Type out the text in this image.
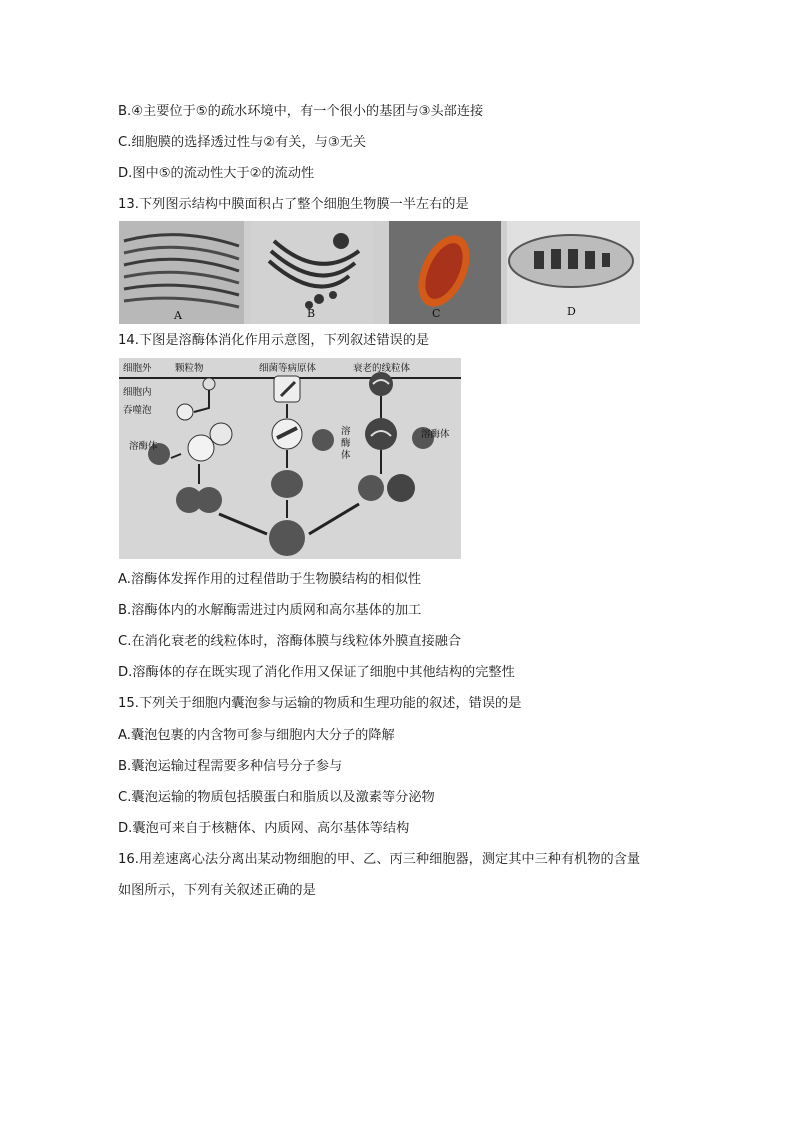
B.④主要位于⑤的疏水环境中，有一个很小的基团与③头部连接
C.细胞膜的选择透过性与②有关，与③无关
D.图中⑤的流动性大于②的流动性
13.下列图示结构中膜面积占了整个细胞生物膜一半左右的是
A	B	C	D
14.下图是溶酶体消化作用示意图，下列叙述错误的是
细胞外 颗粒物	细菌等病原体	衰老的线粒体
细胞内
吞噬泡
溶酶体
溶酶体
溶酶体
A.溶酶体发挥作用的过程借助于生物膜结构的相似性
B.溶酶体内的水解酶需进过内质网和高尔基体的加工
C.在消化衰老的线粒体时，溶酶体膜与线粒体外膜直接融合
D.溶酶体的存在既实现了消化作用又保证了细胞中其他结构的完整性
15.下列关于细胞内囊泡参与运输的物质和生理功能的叙述，错误的是
A.囊泡包裹的内含物可参与细胞内大分子的降解
B.囊泡运输过程需要多种信号分子参与
C.囊泡运输的物质包括膜蛋白和脂质以及激素等分泌物
D.囊泡可来自于核糖体、内质网、高尔基体等结构
16.用差速离心法分离出某动物细胞的甲、乙、丙三种细胞器，测定其中三种有机物的含量
如图所示，下列有关叙述正确的是
